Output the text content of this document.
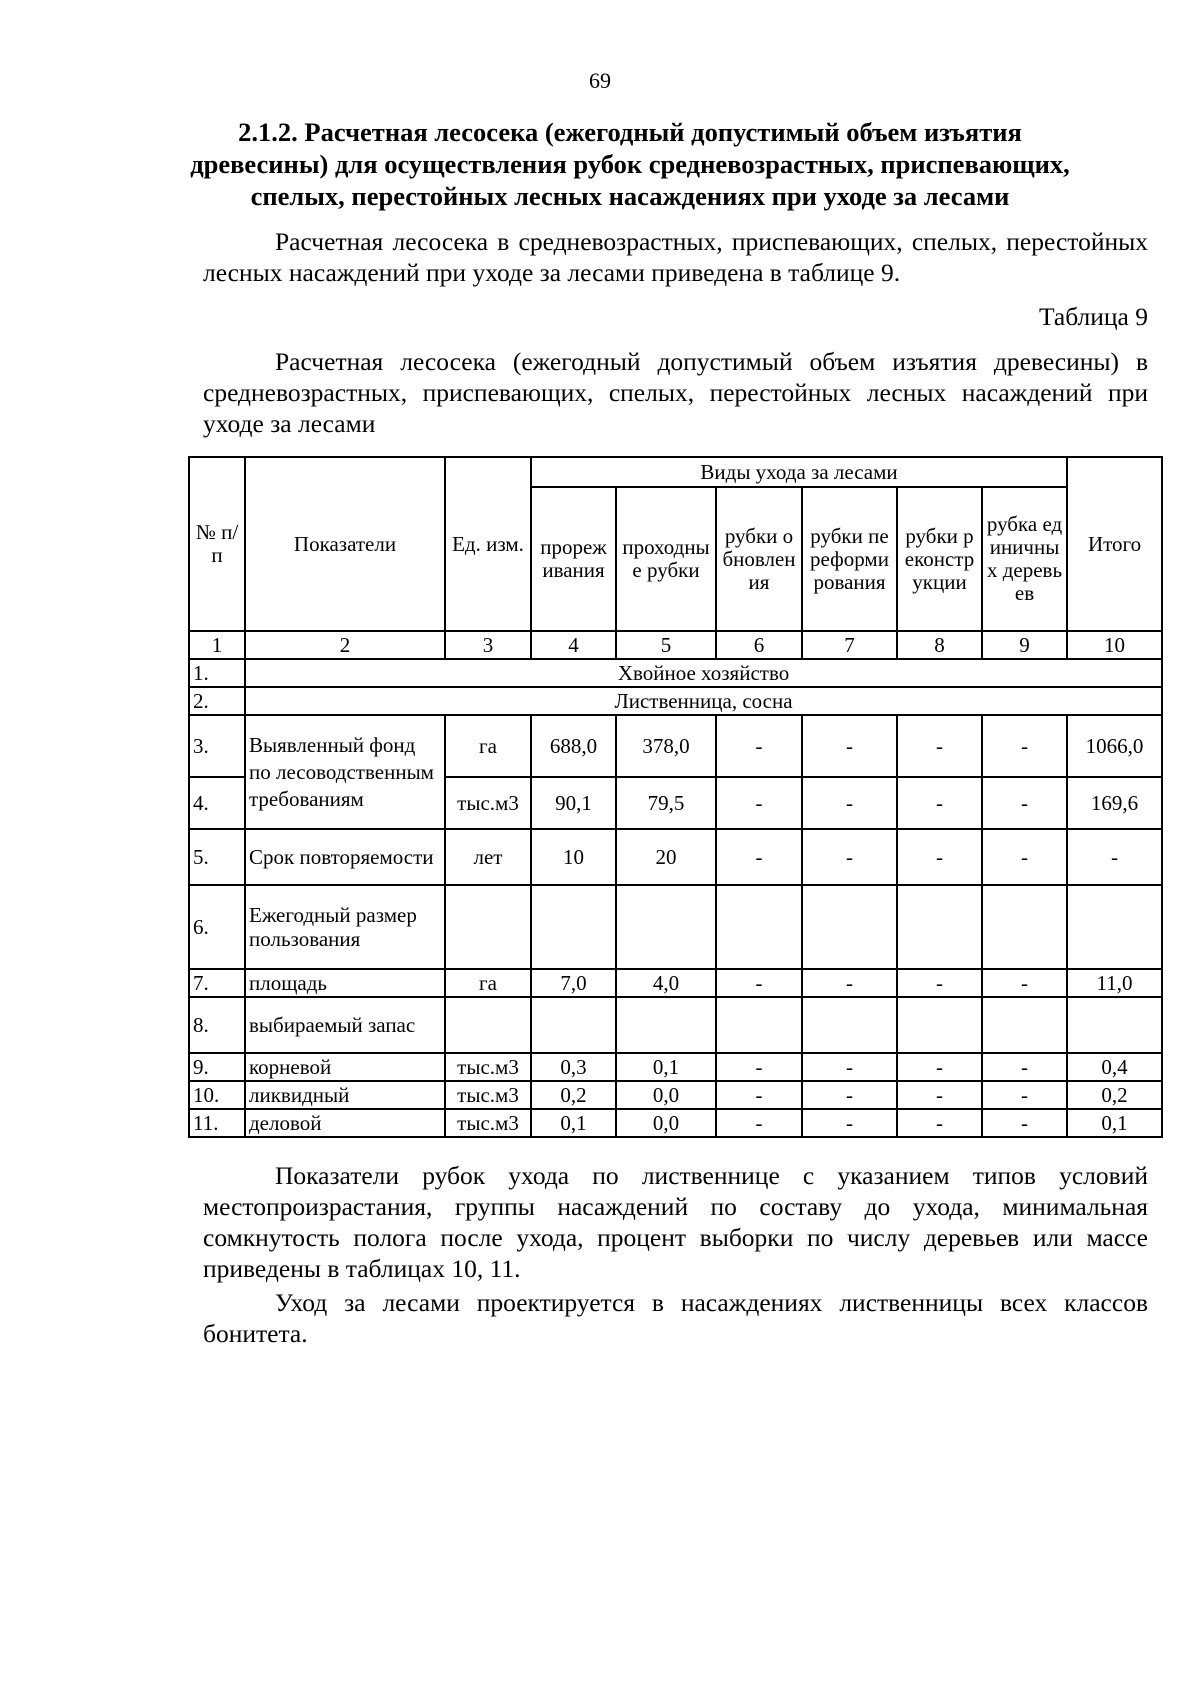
69
2.1.2. Расчетная лесосека (ежегодный допустимый объем изъятия древесины) для осуществления рубок средневозрастных, приспевающих, спелых, перестойных лесных насаждениях при уходе за лесами

Расчетная лесосека в средневозрастных, приспевающих, спелых, перестойных лесных насаждений при уходе за лесами приведена в таблице 9.

Таблица 9
Расчетная лесосека (ежегодный допустимый объем изъятия древесины) в средневозрастных, приспевающих, спелых, перестойных лесных насаждений при уходе за лесами
№ п/п	Показатели	Ед. изм.	Виды ухода за лесами						Итого
			прореживания	проходные рубки	рубки обновления	рубки переформирования	рубки реконструкции	рубка единичных деревьев	
1	2	3	4	5	6	7	8	9	10
1.	Хвойное хозяйство								
2.	Лиственница, сосна								
3.	Выявленный фонд по лесоводственным требованиям	га	688,0	378,0	-	-	-	-	1066,0
4.		тыс.м3	90,1	79,5	-	-	-	-	169,6
5.	Срок повторяемости	лет	10	20	-	-	-	-	-
6.	Ежегодный размер пользования								
7.	площадь	га	7,0	4,0	-	-	-	-	11,0
8.	выбираемый запас								
9.	корневой	тыс.м3	0,3	0,1	-	-	-	-	0,4
10.	ликвидный	тыс.м3	0,2	0,0	-	-	-	-	0,2
11.	деловой	тыс.м3	0,1	0,0	-	-	-	-	0,1

Показатели рубок ухода по лиственнице с указанием типов условий местопроизрастания, группы насаждений по составу до ухода, минимальная сомкнутость полога после ухода, процент выборки по числу деревьев или массе приведены в таблицах 10, 11.

Уход за лесами проектируется в насаждениях лиственницы всех классов бонитета.
